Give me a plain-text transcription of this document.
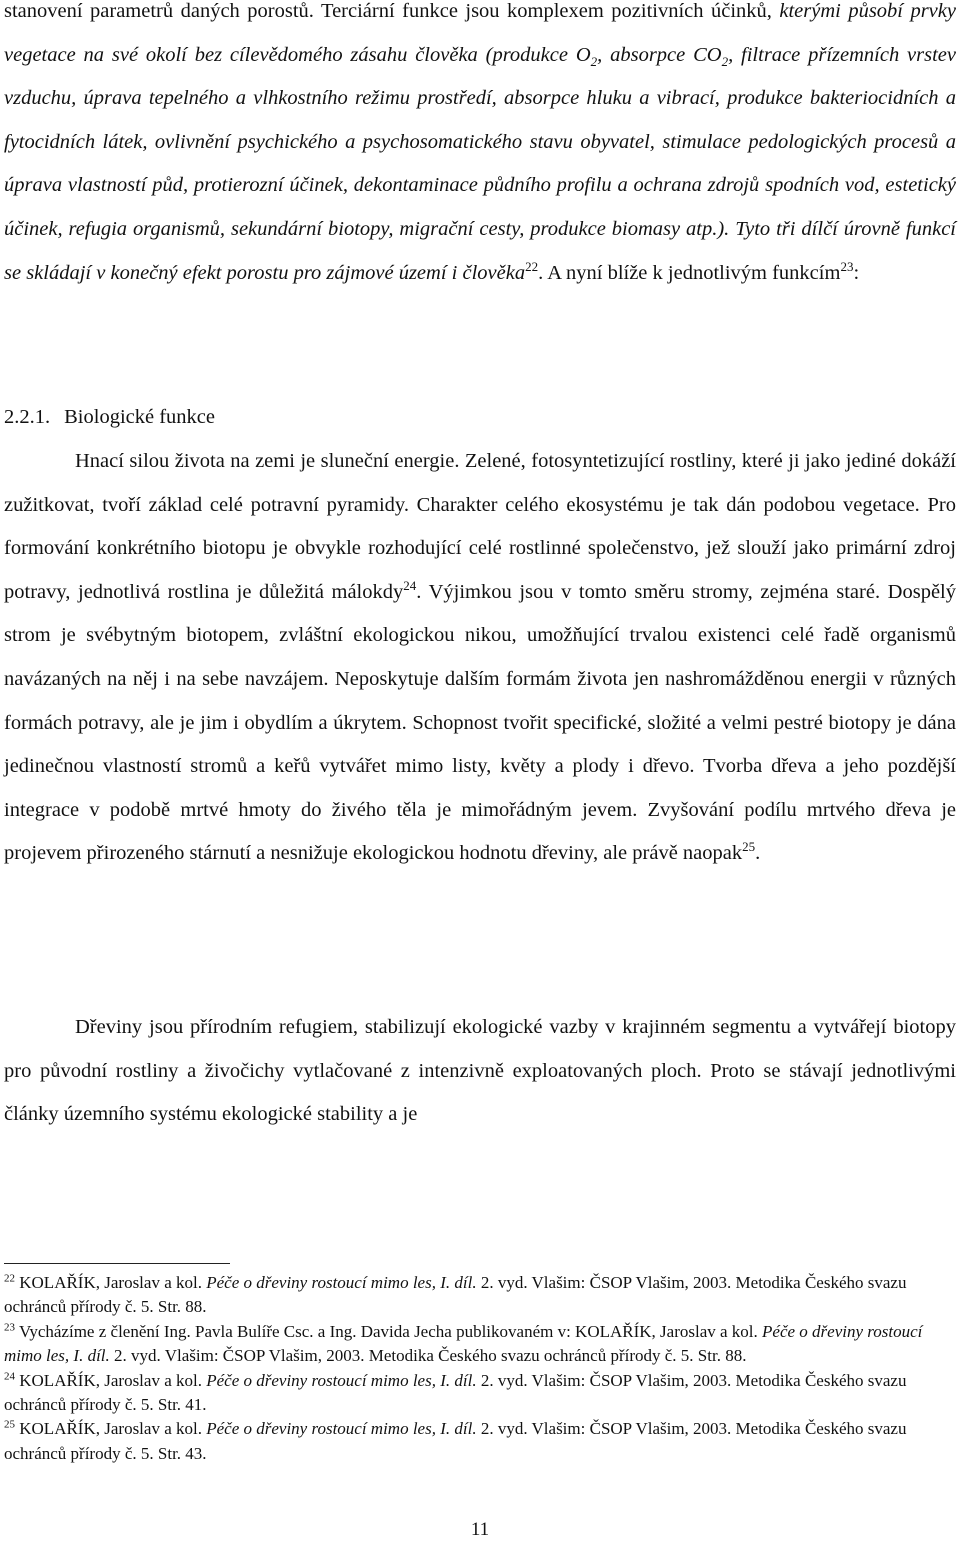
stanovení parametrů daných porostů. Terciární funkce jsou komplexem pozitivních účinků, kterými působí prvky vegetace na své okolí bez cílevědomého zásahu člověka (produkce $O_2$, absorpce $CO_2$, filtrace přízemních vrstev vzduchu, úprava tepelného a vlhkostního režimu prostředí, absorpce hluku a vibrací, produkce bakteriocidních a fytocidních látek, ovlivnění psychického a psychosomatického stavu obyvatel, stimulace pedologických procesů a úprava vlastností půd, protierozní účinek, dekontaminace půdního profilu a ochrana zdrojů spodních vod, estetický účinek, refugia organismů, sekundární biotopy, migrační cesty, produkce biomasy atp.). Tyto tři dílčí úrovně funkcí se skládají v konečný efekt porostu pro zájmové území i člověka$^{22}$. A nyní blíže k jednotlivým funkcím$^{23}$:

2.2.1. Biologické funkce

Hnací silou života na zemi je sluneční energie. Zelené, fotosyntetizující rostliny, které ji jako jediné dokáží zužitkovat, tvoří základ celé potravní pyramidy. Charakter celého ekosystému je tak dán podobou vegetace. Pro formování konkrétního biotopu je obvykle rozhodující celé rostlinné společenstvo, jež slouží jako primární zdroj potravy, jednotlivá rostlina je důležitá málokdy$^{24}$. Výjimkou jsou v tomto směru stromy, zejména staré. Dospělý strom je svébytným biotopem, zvláštní ekologickou nikou, umožňující trvalou existenci celé řadě organismů navázaných na něj i na sebe navzájem. Neposkytuje dalším formám života jen nashromážděnou energii v různých formách potravy, ale je jim i obydlím a úkrytem. Schopnost tvořit specifické, složité a velmi pestré biotopy je dána jedinečnou vlastností stromů a keřů vytvářet mimo listy, květy a plody i dřevo. Tvorba dřeva a jeho pozdější integrace v podobě mrtvé hmoty do živého těla je mimořádným jevem. Zvyšování podílu mrtvého dřeva je projevem přirozeného stárnutí a nesnižuje ekologickou hodnotu dřeviny, ale právě naopak$^{25}$.

Dřeviny jsou přírodním refugiem, stabilizují ekologické vazby v krajinném segmentu a vytvářejí biotopy pro původní rostliny a živočichy vytlačované z intenzivně exploatovaných ploch. Proto se stávají jednotlivými články územního systému ekologické stability a je

$^{22}$ KOLAŘÍK, Jaroslav a kol. Péče o dřeviny rostoucí mimo les, I. díl. 2. vyd. Vlašim: ČSOP Vlašim, 2003. Metodika Českého svazu ochránců přírody č. 5. Str. 88.

$^{23}$ Vycházíme z členění Ing. Pavla Bulíře Csc. a Ing. Davida Jecha publikovaném v: KOLAŘÍK, Jaroslav a kol. Péče o dřeviny rostoucí mimo les, I. díl. 2. vyd. Vlašim: ČSOP Vlašim, 2003. Metodika Českého svazu ochránců přírody č. 5. Str. 88.

$^{24}$ KOLAŘÍK, Jaroslav a kol. Péče o dřeviny rostoucí mimo les, I. díl. 2. vyd. Vlašim: ČSOP Vlašim, 2003. Metodika Českého svazu ochránců přírody č. 5. Str. 41.

$^{25}$ KOLAŘÍK, Jaroslav a kol. Péče o dřeviny rostoucí mimo les, I. díl. 2. vyd. Vlašim: ČSOP Vlašim, 2003. Metodika Českého svazu ochránců přírody č. 5. Str. 43.

11
